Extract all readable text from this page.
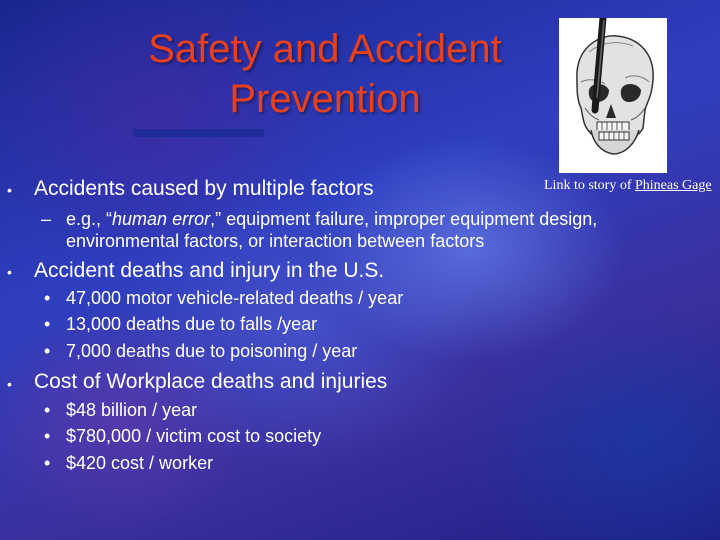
Safety and Accident Prevention
Link to story of Phineas Gage
• Accidents caused by multiple factors
– e.g., “human error,” equipment failure, improper equipment design, environmental factors, or interaction between factors
• Accident deaths and injury in the U.S.
• 47,000 motor vehicle-related deaths / year
• 13,000 deaths due to falls /year
• 7,000 deaths due to poisoning / year
• Cost of Workplace deaths and injuries
• $48 billion / year
• $780,000 / victim cost to society
• $420 cost / worker
